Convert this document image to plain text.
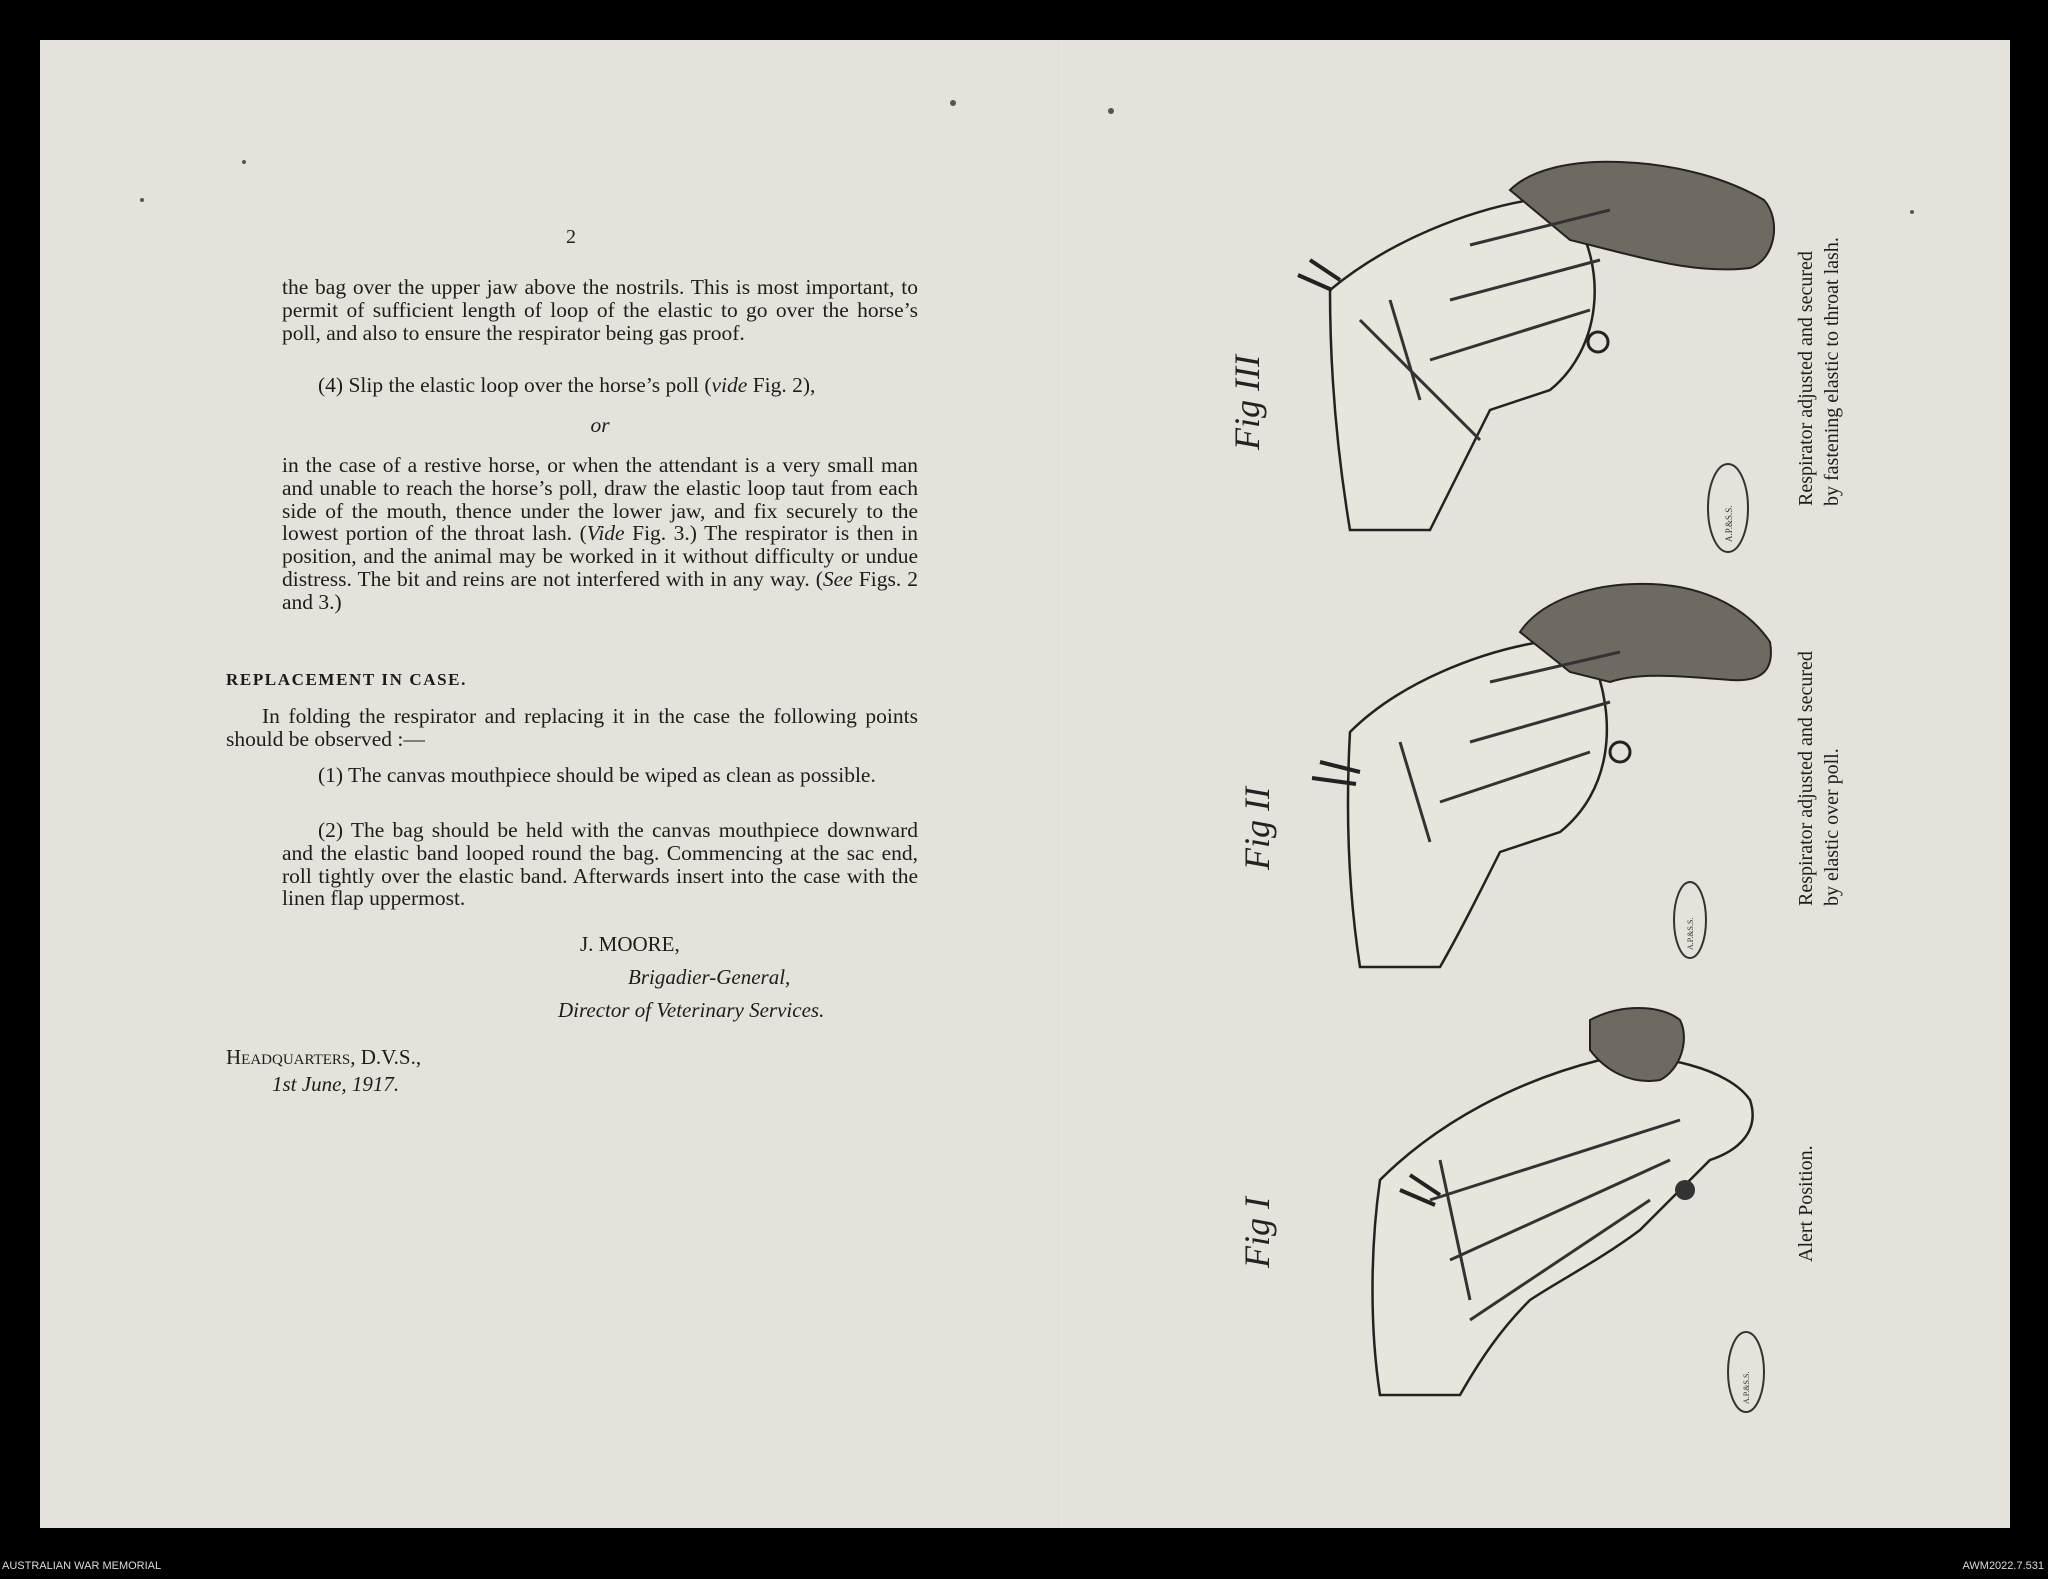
2
the bag over the upper jaw above the nostrils. This is most important, to permit of sufficient length of loop of the elastic to go over the horse’s poll, and also to ensure the respirator being gas proof.
(4) Slip the elastic loop over the horse’s poll (vide Fig. 2),
or
in the case of a restive horse, or when the attendant is a very small man and unable to reach the horse’s poll, draw the elastic loop taut from each side of the mouth, thence under the lower jaw, and fix securely to the lowest portion of the throat lash. (Vide Fig. 3.) The respirator is then in position, and the animal may be worked in it without difficulty or undue distress. The bit and reins are not interfered with in any way. (See Figs. 2 and 3.)
REPLACEMENT IN CASE.
In folding the respirator and replacing it in the case the following points should be observed :—
(1) The canvas mouthpiece should be wiped as clean as possible.
(2) The bag should be held with the canvas mouthpiece downward and the elastic band looped round the bag. Commencing at the sac end, roll tightly over the elastic band. Afterwards insert into the case with the linen flap uppermost.
J. MOORE,
Brigadier-General,
Director of Veterinary Services.
Headquarters, D.V.S.,
1st June, 1917.
Fig III
A.P.&S.S.
Respirator adjusted and secured by fastening elastic to throat lash.
Fig II
A.P.&S.S.
Respirator adjusted and secured by elastic over poll.
Fig I
A.P.&S.S.
Alert Position.
AUSTRALIAN WAR MEMORIAL	AWM2022.7.531
